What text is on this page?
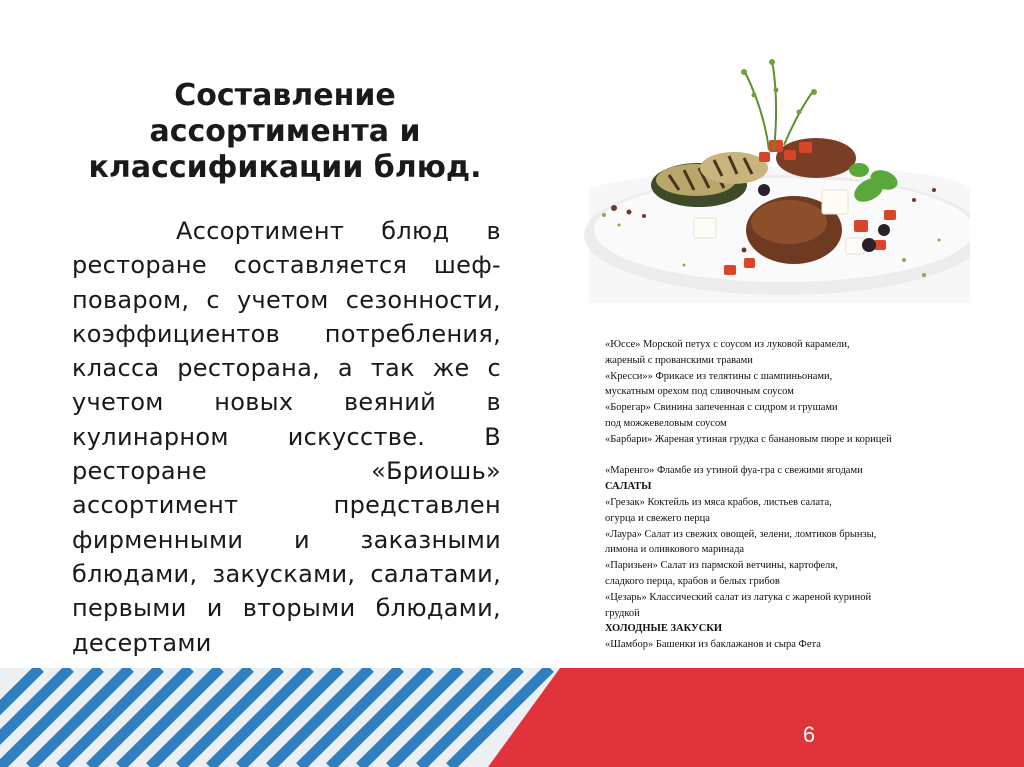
Составление
ассортимента и
классификации блюд.
Ассортимент блюд в
ресторане составляется шеф-
поваром, с учетом сезонности,
коэффициентов потребления,
класса ресторана, а так же с
учетом новых веяний в
кулинарном искусстве. В
ресторане	«Бриошь»
ассортимент	представлен
фирменными и заказными
блюдами, закусками, салатами,
первыми и вторыми блюдами,
десертами
«Юссе» Морской петух с соусом из луковой карамели,
жареный с прованскими травами
«Кресси»» Фрикасе из телятины с шампиньонами,
мускатным орехом под сливочным соусом
«Борегар» Свинина запеченная с сидром и грушами
под можжевеловым соусом
«Барбари» Жареная утиная грудка с банановым пюре и корицей
«Маренго» Фламбе из утиной фуа-гра с свежими ягодами
САЛАТЫ
«Грезак» Коктейль из мяса крабов, листьев салата,
огурца и свежего перца
«Лаура» Салат из свежих овощей, зелени, ломтиков брынзы,
лимона и оливкового маринада
«Паризьен» Салат из пармской ветчины, картофеля,
сладкого перца, крабов и белых грибов
«Цезарь» Классический салат из латука с жареной куриной
грудкой
ХОЛОДНЫЕ ЗАКУСКИ
«Шамбор» Башенки из баклажанов и сыра Фета
6
